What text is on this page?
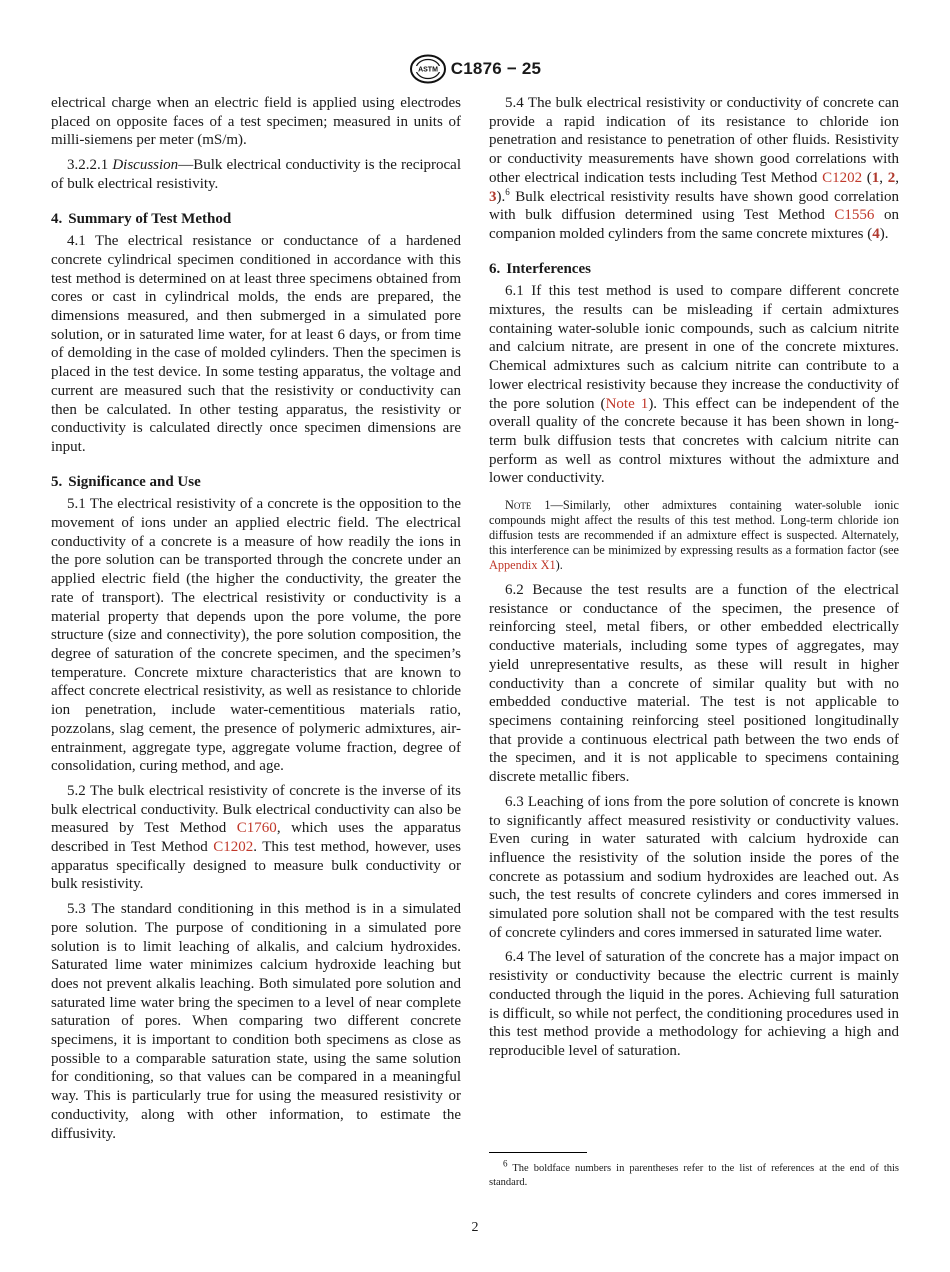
ASTM C1876 − 25

electrical charge when an electric field is applied using electrodes placed on opposite faces of a test specimen; measured in units of milli-siemens per meter (mS/m).

3.2.2.1 Discussion—Bulk electrical conductivity is the reciprocal of bulk electrical resistivity.

4. Summary of Test Method

4.1 The electrical resistance or conductance of a hardened concrete cylindrical specimen conditioned in accordance with this test method is determined on at least three specimens obtained from cores or cast in cylindrical molds, the ends are prepared, the dimensions measured, and then submerged in a simulated pore solution, or in saturated lime water, for at least 6 days, or from time of demolding in the case of molded cylinders. Then the specimen is placed in the test device. In some testing apparatus, the voltage and current are measured such that the resistivity or conductivity can then be calculated. In other testing apparatus, the resistivity or conductivity is calculated directly once specimen dimensions are input.

5. Significance and Use

5.1 The electrical resistivity of a concrete is the opposition to the movement of ions under an applied electric field. The electrical conductivity of a concrete is a measure of how readily the ions in the pore solution can be transported through the concrete under an applied electric field (the higher the conductivity, the greater the rate of transport). The electrical resistivity or conductivity is a material property that depends upon the pore volume, the pore structure (size and connectivity), the pore solution composition, the degree of saturation of the concrete specimen, and the specimen’s temperature. Concrete mixture characteristics that are known to affect concrete electrical resistivity, as well as resistance to chloride ion penetration, include water-cementitious materials ratio, pozzolans, slag cement, the presence of polymeric admixtures, air-entrainment, aggregate type, aggregate volume fraction, degree of consolidation, curing method, and age.

5.2 The bulk electrical resistivity of concrete is the inverse of its bulk electrical conductivity. Bulk electrical conductivity can also be measured by Test Method C1760, which uses the apparatus described in Test Method C1202. This test method, however, uses apparatus specifically designed to measure bulk conductivity or bulk resistivity.

5.3 The standard conditioning in this method is in a simulated pore solution. The purpose of conditioning in a simulated pore solution is to limit leaching of alkalis, and calcium hydroxides. Saturated lime water minimizes calcium hydroxide leaching but does not prevent alkalis leaching. Both simulated pore solution and saturated lime water bring the specimen to a level of near complete saturation of pores. When comparing two different concrete specimens, it is important to condition both specimens as close as possible to a comparable saturation state, using the same solution for conditioning, so that values can be compared in a meaningful way. This is particularly true for using the measured resistivity or conductivity, along with other information, to estimate the diffusivity.

5.4 The bulk electrical resistivity or conductivity of concrete can provide a rapid indication of its resistance to chloride ion penetration and resistance to penetration of other fluids. Resistivity or conductivity measurements have shown good correlations with other electrical indication tests including Test Method C1202 (1, 2, 3).$^6$ Bulk electrical resistivity results have shown good correlation with bulk diffusion determined using Test Method C1556 on companion molded cylinders from the same concrete mixtures (4).

6. Interferences

6.1 If this test method is used to compare different concrete mixtures, the results can be misleading if certain admixtures containing water-soluble ionic compounds, such as calcium nitrite and calcium nitrate, are present in one of the concrete mixtures. Chemical admixtures such as calcium nitrite can contribute to a lower electrical resistivity because they increase the conductivity of the pore solution (Note 1). This effect can be independent of the overall quality of the concrete because it has been shown in long-term bulk diffusion tests that concretes with calcium nitrite can perform as well as control mixtures without the admixture and lower conductivity.

Note 1—Similarly, other admixtures containing water-soluble ionic compounds might affect the results of this test method. Long-term chloride ion diffusion tests are recommended if an admixture effect is suspected. Alternately, this interference can be minimized by expressing results as a formation factor (see Appendix X1).

6.2 Because the test results are a function of the electrical resistance or conductance of the specimen, the presence of reinforcing steel, metal fibers, or other embedded electrically conductive materials, including some types of aggregates, may yield unrepresentative results, as these will result in higher conductivity than a concrete of similar quality but with no embedded conductive material. The test is not applicable to specimens containing reinforcing steel positioned longitudinally that provide a continuous electrical path between the two ends of the specimen, and it is not applicable to specimens containing discrete metallic fibers.

6.3 Leaching of ions from the pore solution of concrete is known to significantly affect measured resistivity or conductivity values. Even curing in water saturated with calcium hydroxide can influence the resistivity of the solution inside the pores of the concrete as potassium and sodium hydroxides are leached out. As such, the test results of concrete cylinders and cores immersed in simulated pore solution shall not be compared with the test results of concrete cylinders and cores immersed in saturated lime water.

6.4 The level of saturation of the concrete has a major impact on resistivity or conductivity because the electric current is mainly conducted through the liquid in the pores. Achieving full saturation is difficult, so while not perfect, the conditioning procedures used in this test method provide a methodology for achieving a high and reproducible level of saturation.

$^6$ The boldface numbers in parentheses refer to the list of references at the end of this standard.
2
